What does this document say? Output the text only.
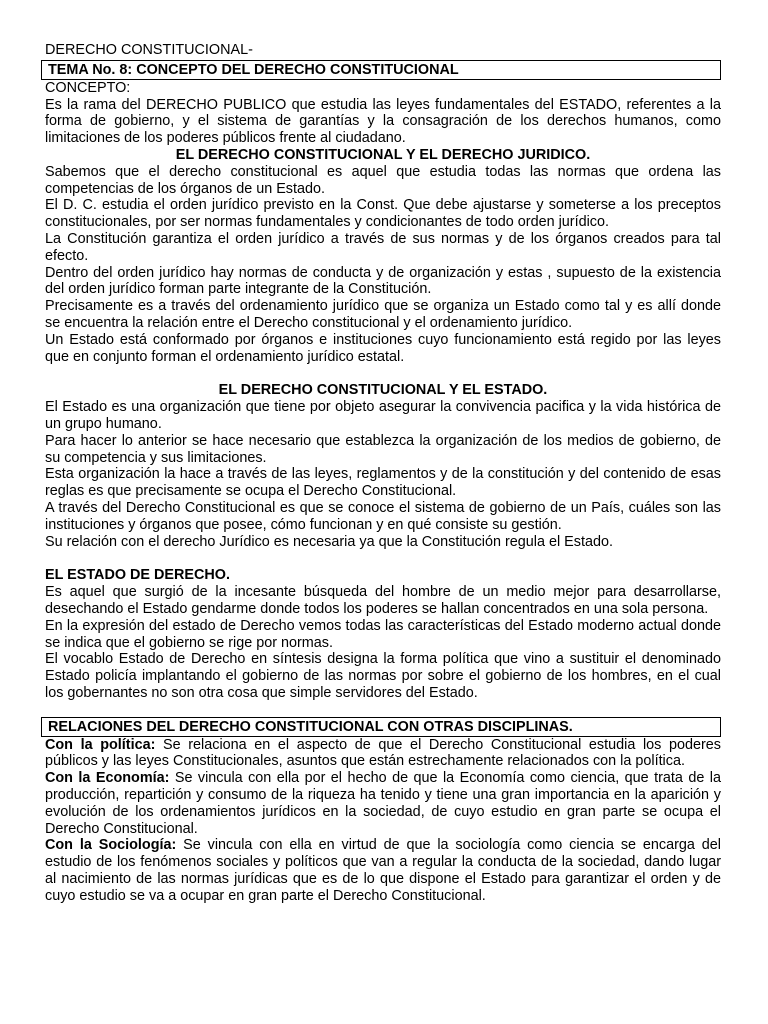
DERECHO CONSTITUCIONAL-
TEMA No. 8: CONCEPTO DEL DERECHO CONSTITUCIONAL
CONCEPTO:

Es la rama del DERECHO PUBLICO que estudia las leyes fundamentales del ESTADO, referentes a la forma de gobierno, y el sistema de garantías y la consagración de los derechos humanos, como limitaciones de los poderes públicos frente al ciudadano.

EL DERECHO CONSTITUCIONAL Y EL DERECHO JURIDICO.

Sabemos que el derecho constitucional es aquel que estudia todas las normas que ordena las competencias de los órganos de un Estado.

El D. C. estudia el orden jurídico previsto en la Const. Que debe ajustarse y someterse a los preceptos constitucionales, por ser normas fundamentales y condicionantes de todo orden jurídico.

La Constitución garantiza el orden jurídico a través de sus normas y de los órganos creados para tal efecto.

Dentro del orden jurídico hay normas de conducta y de organización y estas , supuesto de la existencia del orden jurídico forman parte integrante de la Constitución.

Precisamente es a través del ordenamiento jurídico que se organiza un Estado como tal y es allí donde se encuentra la relación entre el Derecho constitucional y el ordenamiento jurídico.

Un Estado está conformado por órganos e instituciones cuyo funcionamiento está regido por las leyes que en conjunto forman el ordenamiento jurídico estatal.

EL DERECHO CONSTITUCIONAL Y EL ESTADO.

El Estado es una organización que tiene por objeto asegurar la convivencia pacifica y la vida histórica de un grupo humano.

Para hacer lo anterior se hace necesario que establezca la organización de los medios de gobierno, de su competencia y sus limitaciones.

Esta organización la hace a través de las leyes, reglamentos y de la constitución y del contenido de esas reglas es que precisamente se ocupa el Derecho Constitucional.

A través del Derecho Constitucional es que se conoce el sistema de gobierno de un País, cuáles son las instituciones y órganos que posee, cómo funcionan y en qué consiste su gestión.

Su relación con el derecho Jurídico es necesaria ya que la Constitución regula el Estado.

EL ESTADO DE DERECHO.

Es aquel que surgió de la incesante búsqueda del hombre de un medio mejor para desarrollarse, desechando el Estado gendarme donde todos los poderes se hallan concentrados en una sola persona.

En la expresión del estado de Derecho vemos todas las características del Estado moderno actual donde se indica que el gobierno se rige por normas.

El vocablo Estado de Derecho en síntesis designa la forma política que vino a sustituir el denominado Estado policía implantando el gobierno de las normas por sobre el gobierno de los hombres, en el cual los gobernantes no son otra cosa que simple servidores del Estado.

RELACIONES DEL DERECHO CONSTITUCIONAL CON OTRAS DISCIPLINAS.

Con la política: Se relaciona en el aspecto de que el Derecho Constitucional estudia los poderes públicos y las leyes Constitucionales, asuntos que están estrechamente relacionados con la política.

Con la Economía: Se vincula con ella por el hecho de que la Economía como ciencia, que trata de la producción, repartición y consumo de la riqueza ha tenido y tiene una gran importancia en la aparición y evolución de los ordenamientos jurídicos en la sociedad, de cuyo estudio en gran parte se ocupa el Derecho Constitucional.

Con la Sociología: Se vincula con ella en virtud de que la sociología como ciencia se encarga del estudio de los fenómenos sociales y políticos que van a regular la conducta de la sociedad, dando lugar al nacimiento de las normas jurídicas que es de lo que dispone el Estado para garantizar el orden y de cuyo estudio se va a ocupar en gran parte el Derecho Constitucional.
